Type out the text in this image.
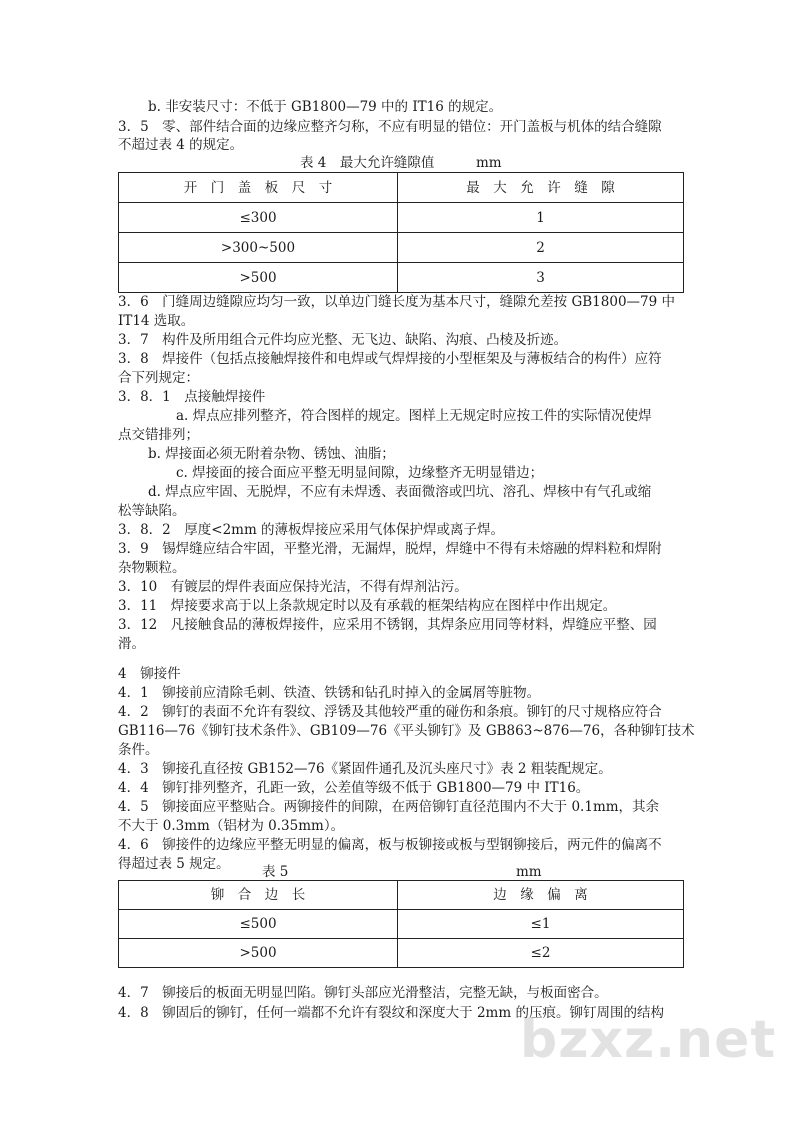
b. 非安装尺寸：不低于 GB1800—79 中的 IT16 的规定。
3．5　零、部件结合面的边缘应整齐匀称，不应有明显的错位：开门盖板与机体的结合缝隙
不超过表 4 的规定。
表 4　最大允许缝隙值	mm
开　门　盖　板　尺　寸	最　大　允　许　缝　隙
≤300	1
>300~500	2
>500	3
3．6　门缝周边缝隙应均匀一致，以单边门缝长度为基本尺寸，缝隙允差按 GB1800—79 中
IT14 选取。
3．7　构件及所用组合元件均应光整、无飞边、缺陷、沟痕、凸棱及折迹。
3．8　焊接件（包括点接触焊接件和电焊或气焊焊接的小型框架及与薄板结合的构件）应符
合下列规定：
3．8．1　点接触焊接件
a. 焊点应排列整齐，符合图样的规定。图样上无规定时应按工件的实际情况使焊
点交错排列；
b. 焊接面必须无附着杂物、锈蚀、油脂；
c. 焊接面的接合面应平整无明显间隙，边缘整齐无明显错边；
d. 焊点应牢固、无脱焊，不应有未焊透、表面微溶或凹坑、溶孔、焊核中有气孔或缩
松等缺陷。
3．8．2　厚度<2mm 的薄板焊接应采用气体保护焊或离子焊。
3．9　锡焊缝应结合牢固，平整光滑，无漏焊，脱焊，焊缝中不得有未熔融的焊料粒和焊附
杂物颗粒。
3．10　有镀层的焊件表面应保持光洁，不得有焊剂沾污。
3．11　焊接要求高于以上条款规定时以及有承载的框架结构应在图样中作出规定。
3．12　凡接触食品的薄板焊接件，应采用不锈钢，其焊条应用同等材料，焊缝应平整、园
滑。
4　铆接件
4．1　铆接前应清除毛刺、铁渣、铁锈和钻孔时掉入的金属屑等脏物。
4．2　铆钉的表面不允许有裂纹、浮锈及其他较严重的碰伤和条痕。铆钉的尺寸规格应符合
GB116—76《铆钉技术条件》、GB109—76《平头铆钉》及 GB863~876—76，各种铆钉技术
条件。
4．3　铆接孔直径按 GB152—76《紧固件通孔及沉头座尺寸》表 2 粗装配规定。
4．4　铆钉排列整齐，孔距一致，公差值等级不低于 GB1800—79 中 IT16。
4．5　铆接面应平整贴合。两铆接件的间隙，在两倍铆钉直径范围内不大于 0.1mm，其余
不大于 0.3mm（铝材为 0.35mm）。
4．6　铆接件的边缘应平整无明显的偏离，板与板铆接或板与型钢铆接后，两元件的偏离不
得超过表 5 规定。 表 5	mm
铆　合　边　长	边　缘　偏　离
≤500	≤1
>500	≤2
4．7　铆接后的板面无明显凹陷。铆钉头部应光滑整洁，完整无缺，与板面密合。
4．8　铆固后的铆钉，任何一端都不允许有裂纹和深度大于 2mm 的压痕。铆钉周围的结构
bzxz.net
